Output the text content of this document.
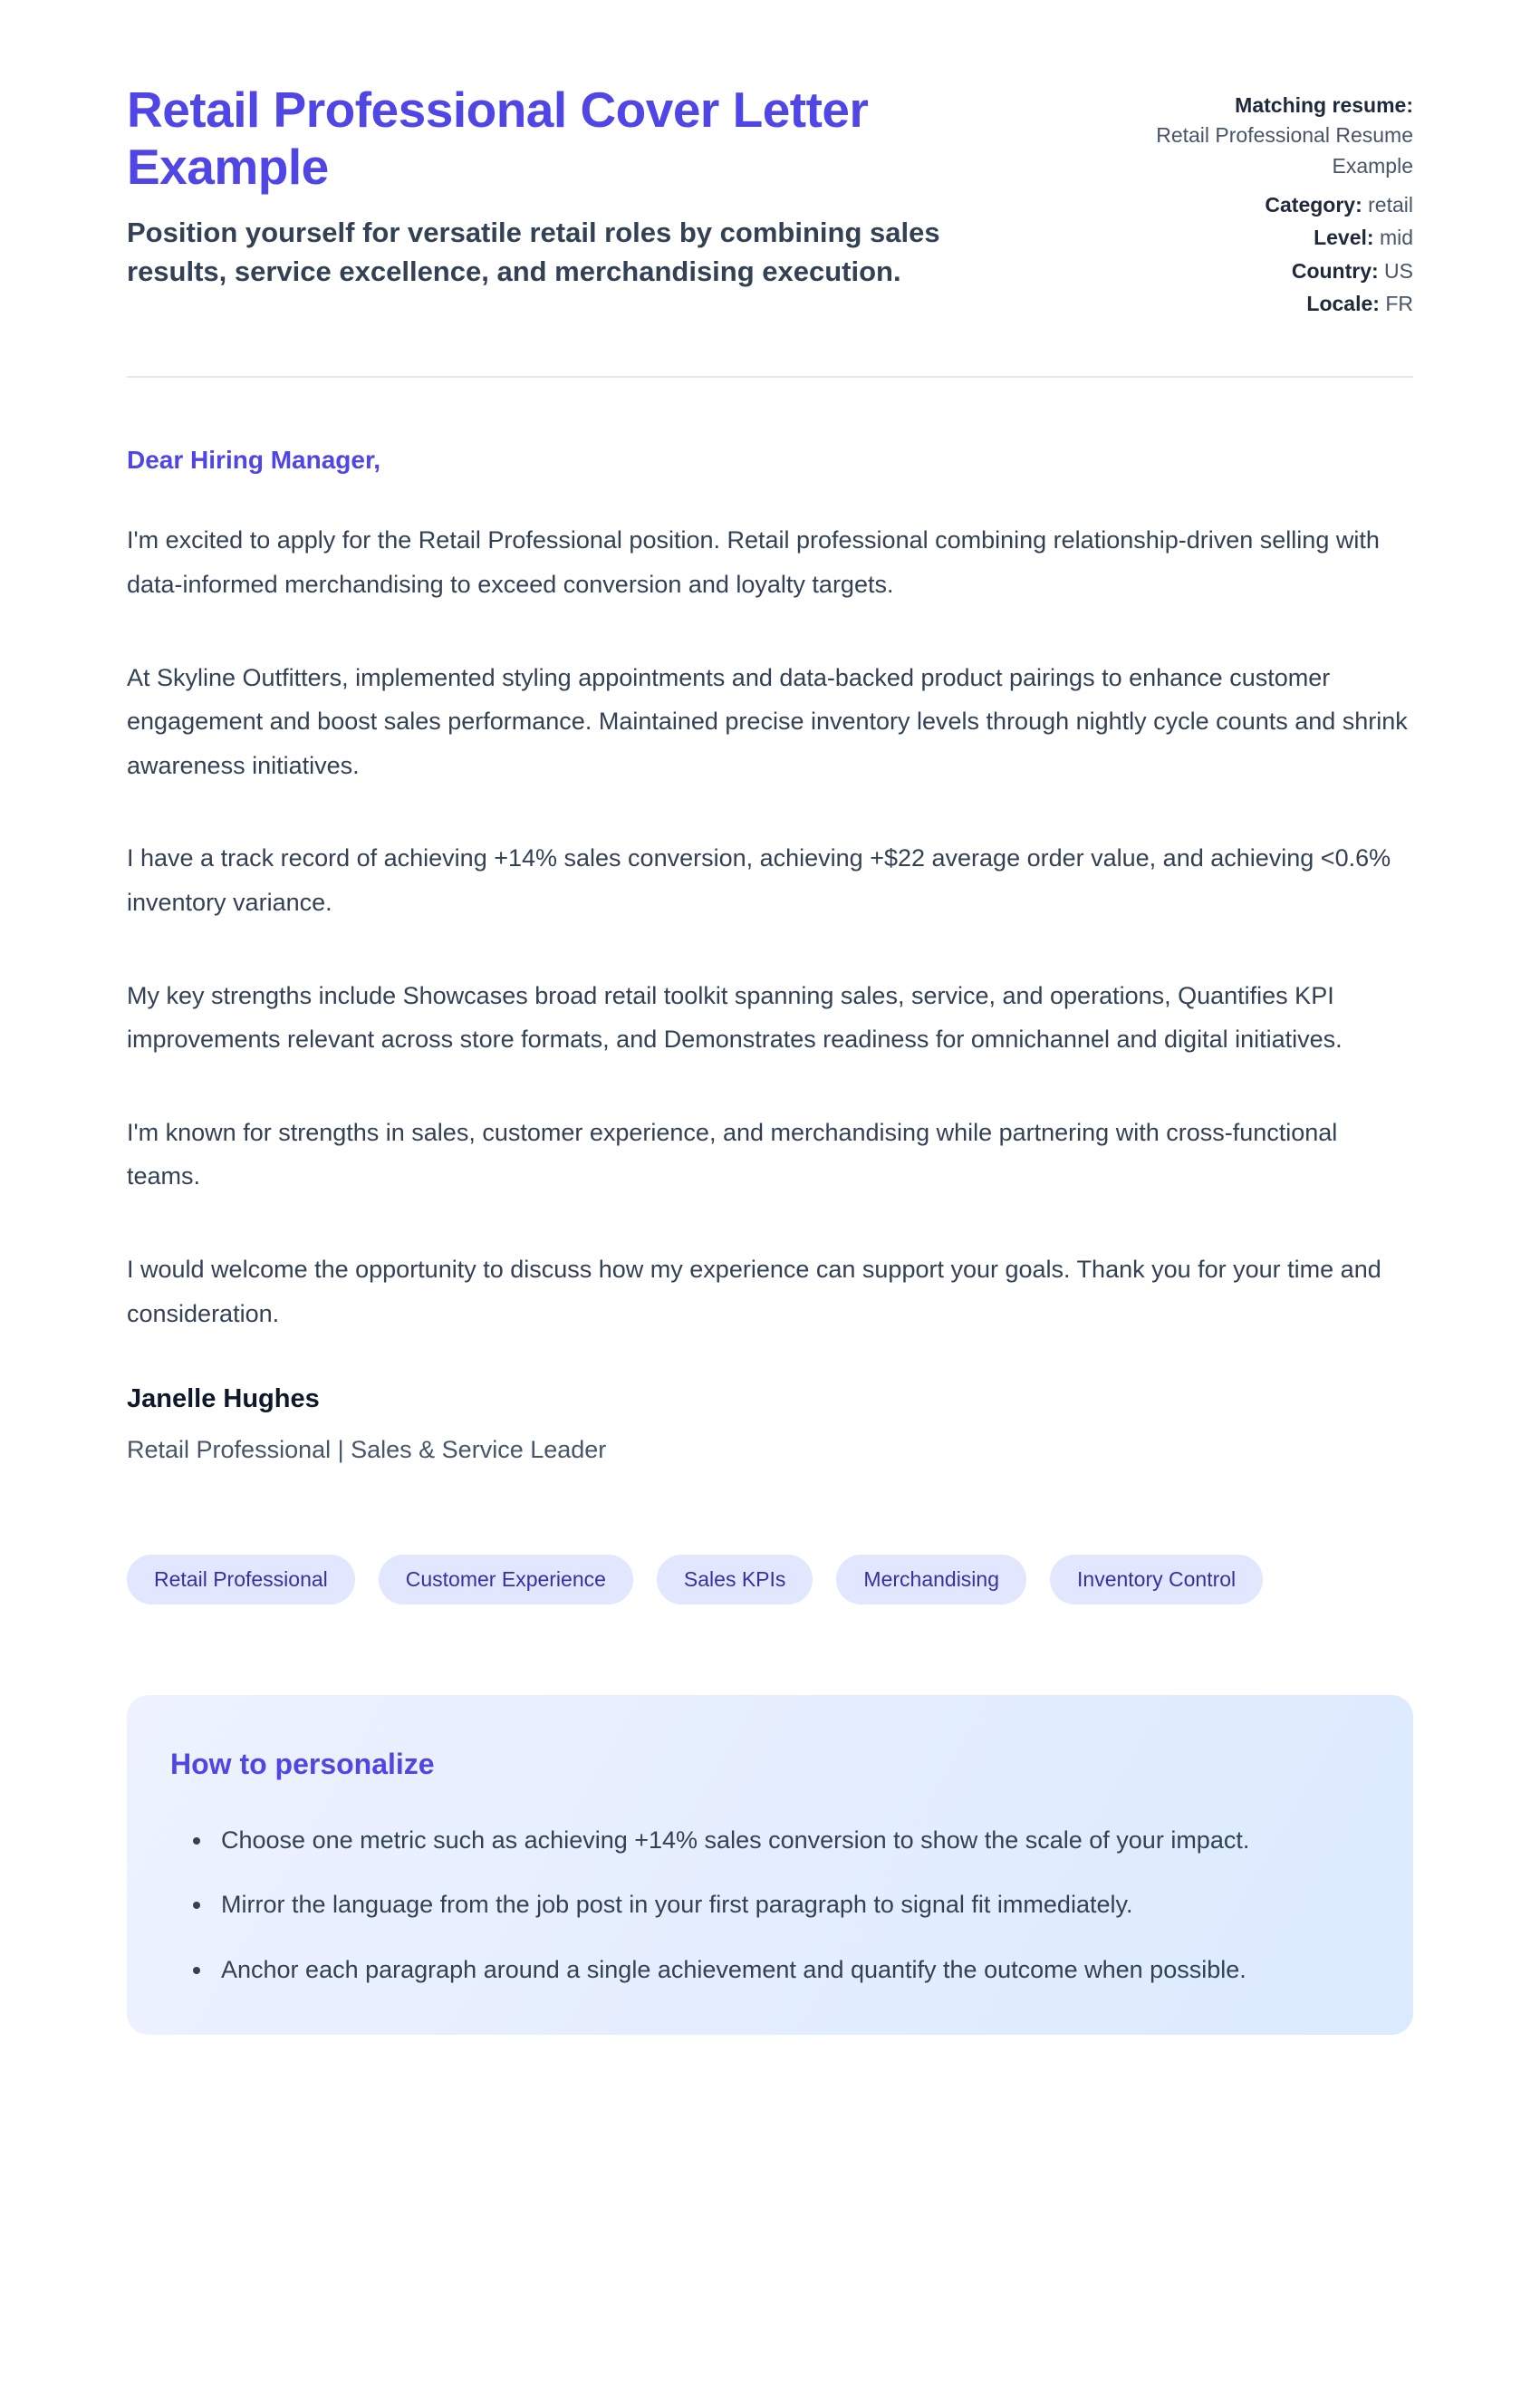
Retail Professional Cover Letter Example

Position yourself for versatile retail roles by combining sales results, service excellence, and merchandising execution.

Matching resume:
Retail Professional Resume Example
Category: retail
Level: mid
Country: US
Locale: FR

Dear Hiring Manager,

I'm excited to apply for the Retail Professional position. Retail professional combining relationship-driven selling with data-informed merchandising to exceed conversion and loyalty targets.

At Skyline Outfitters, implemented styling appointments and data-backed product pairings to enhance customer engagement and boost sales performance. Maintained precise inventory levels through nightly cycle counts and shrink awareness initiatives.

I have a track record of achieving +14% sales conversion, achieving +$22 average order value, and achieving <0.6% inventory variance.

My key strengths include Showcases broad retail toolkit spanning sales, service, and operations, Quantifies KPI improvements relevant across store formats, and Demonstrates readiness for omnichannel and digital initiatives.

I'm known for strengths in sales, customer experience, and merchandising while partnering with cross-functional teams.

I would welcome the opportunity to discuss how my experience can support your goals. Thank you for your time and consideration.

Janelle Hughes

Retail Professional | Sales & Service Leader

Retail Professional	Customer Experience	Sales KPIs	Merchandising	Inventory Control
How to personalize
• Choose one metric such as achieving +14% sales conversion to show the scale of your impact.
• Mirror the language from the job post in your first paragraph to signal fit immediately.
• Anchor each paragraph around a single achievement and quantify the outcome when possible.
